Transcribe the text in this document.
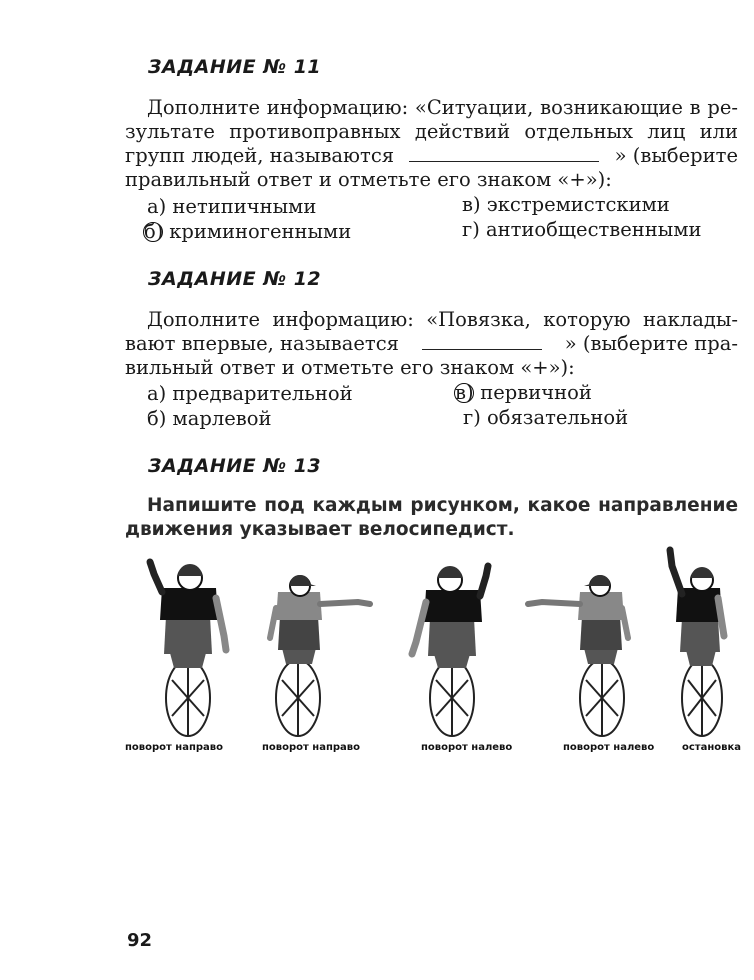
ЗАДАНИЕ № 11
Дополните информацию: «Ситуации, возникающие в ре-
зультате противоправных действий отдельных лиц или
групп людей, называются	» (выберите
правильный ответ и отметьте его знаком «+»):
а) нетипичными	в) экстремистскими
б) криминогенными	г) антиобщественными
ЗАДАНИЕ № 12
Дополните информацию: «Повязка, которую наклады-
вают впервые, называется	» (выберите пра-
вильный ответ и отметьте его знаком «+»):
а) предварительной	в) первичной
б) марлевой	г) обязательной
ЗАДАНИЕ № 13
Напишите под каждым рисунком, какое направление
движения указывает велосипедист.
поворот направо	поворот направо	поворот налево	поворот налево	остановка
92
